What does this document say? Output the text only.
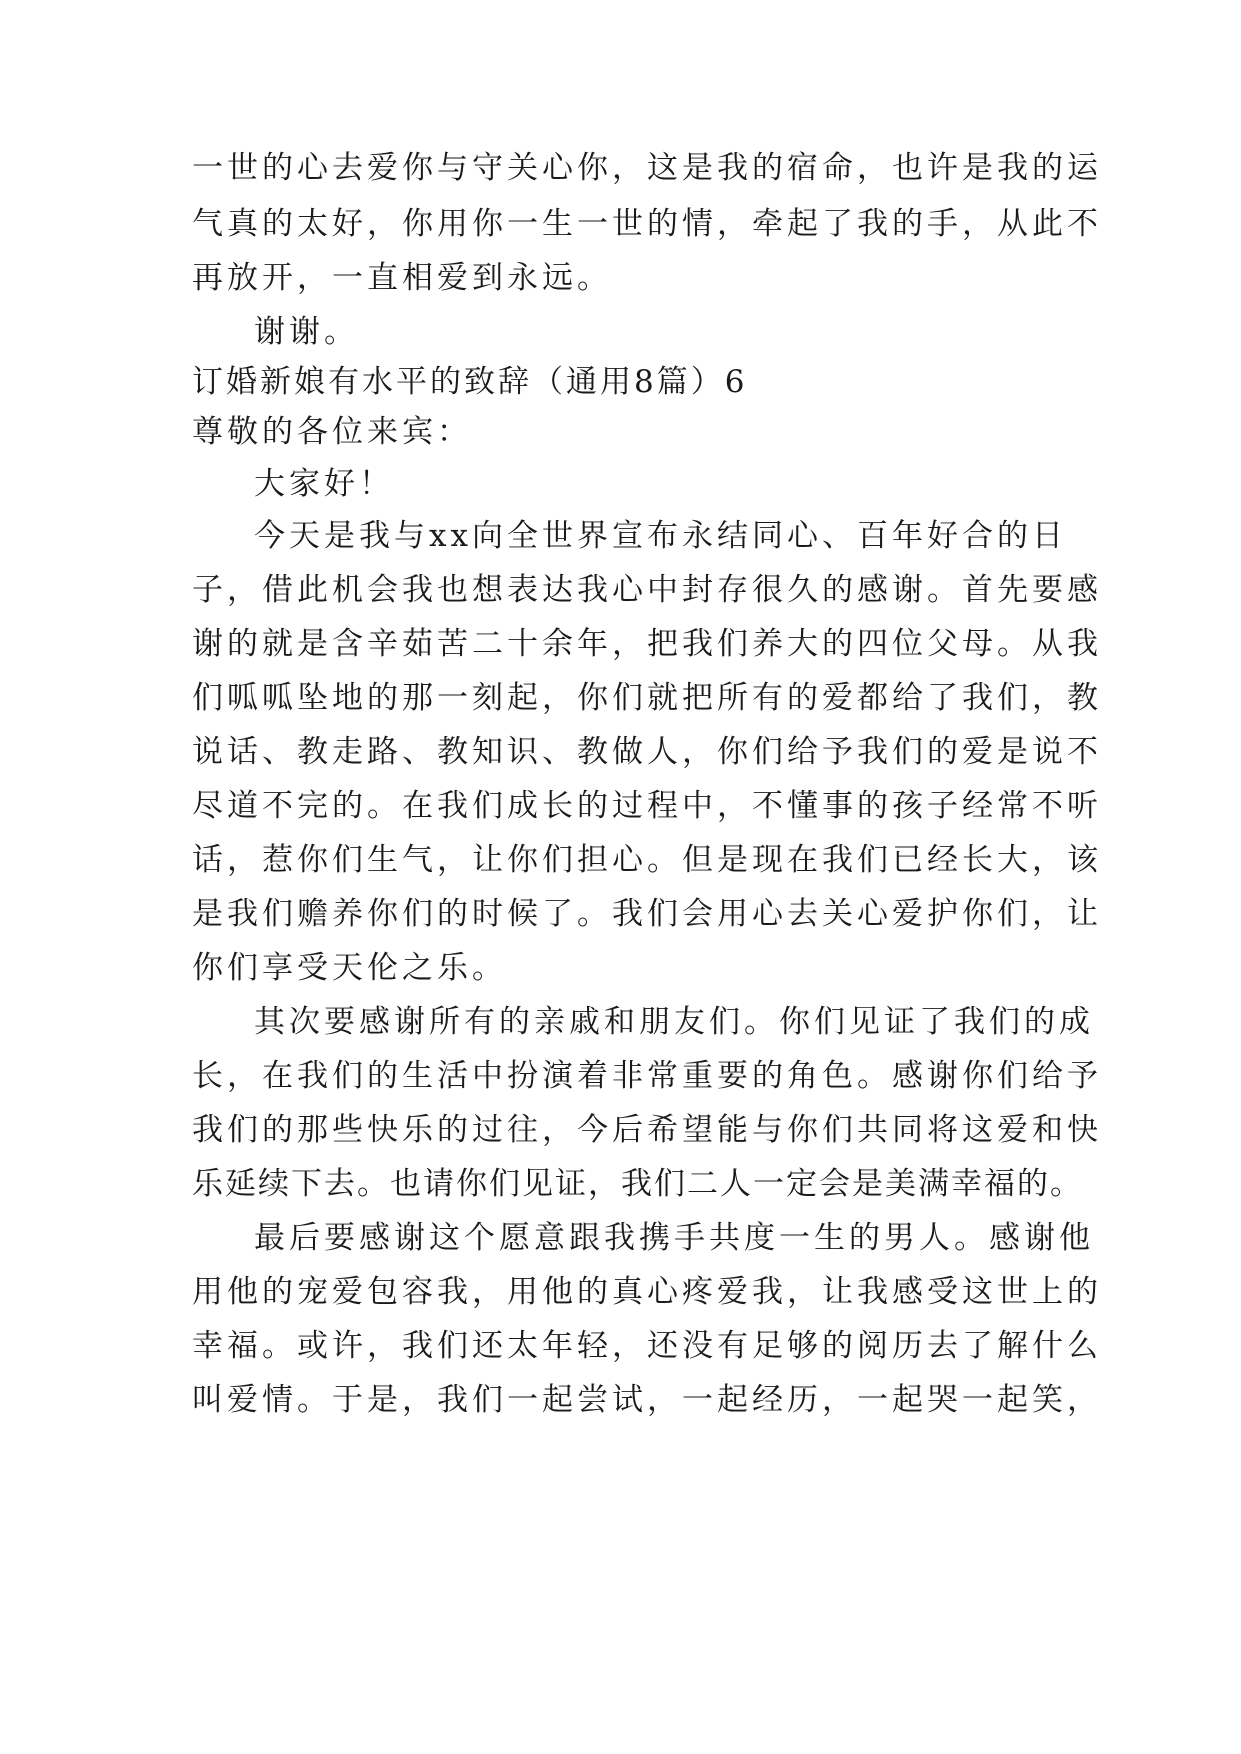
一世的心去爱你与守关心你，这是我的宿命，也许是我的运
气真的太好，你用你一生一世的情，牵起了我的手，从此不
再放开，一直相爱到永远。
谢谢。
订婚新娘有水平的致辞（通用8篇）6
尊敬的各位来宾：
大家好！
今天是我与xx向全世界宣布永结同心、百年好合的日
子，借此机会我也想表达我心中封存很久的感谢。首先要感
谢的就是含辛茹苦二十余年，把我们养大的四位父母。从我
们呱呱坠地的那一刻起，你们就把所有的爱都给了我们，教
说话、教走路、教知识、教做人，你们给予我们的爱是说不
尽道不完的。在我们成长的过程中，不懂事的孩子经常不听
话，惹你们生气，让你们担心。但是现在我们已经长大，该
是我们赡养你们的时候了。我们会用心去关心爱护你们，让
你们享受天伦之乐。
其次要感谢所有的亲戚和朋友们。你们见证了我们的成
长，在我们的生活中扮演着非常重要的角色。感谢你们给予
我们的那些快乐的过往，今后希望能与你们共同将这爱和快
乐延续下去。也请你们见证，我们二人一定会是美满幸福的。
最后要感谢这个愿意跟我携手共度一生的男人。感谢他
用他的宠爱包容我，用他的真心疼爱我，让我感受这世上的
幸福。或许，我们还太年轻，还没有足够的阅历去了解什么
叫爱情。于是，我们一起尝试，一起经历，一起哭一起笑，
